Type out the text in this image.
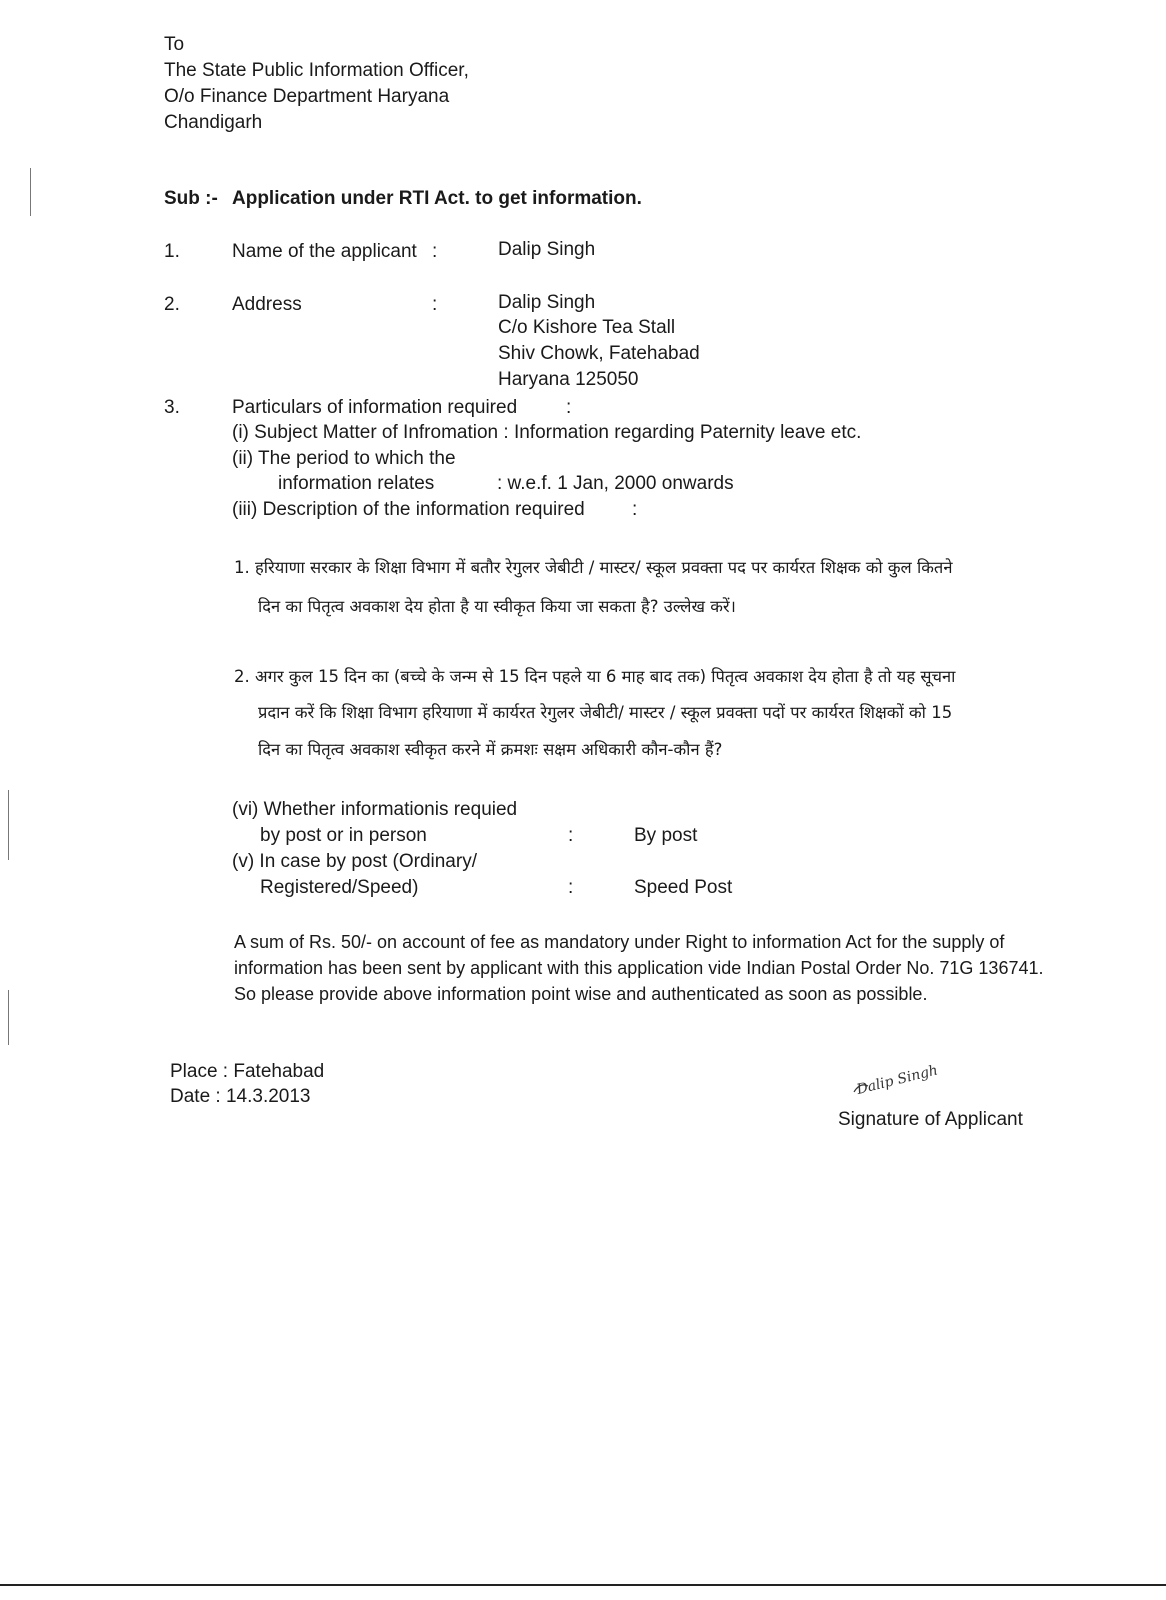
To
The State Public Information Officer,
O/o Finance Department Haryana
Chandigarh
Sub :- Application under RTI Act. to get information.
1.	Name of the applicant :	Dalip Singh
2.	Address	:	Dalip Singh
C/o Kishore Tea Stall
Shiv Chowk, Fatehabad
Haryana 125050
3.	Particulars of information required	:
(i) Subject Matter of Infromation : Information regarding Paternity leave etc.
(ii) The period to which the
information relates	: w.e.f. 1 Jan, 2000 onwards
(iii) Description of the information required :
1. हरियाणा सरकार के शिक्षा विभाग में बतौर रेगुलर जेबीटी / मास्टर/ स्कूल प्रवक्ता पद पर कार्यरत शिक्षक को कुल कितने
दिन का पितृत्व अवकाश देय होता है या स्वीकृत किया जा सकता है? उल्लेख करें।
2. अगर कुल 15 दिन का (बच्चे के जन्म से 15 दिन पहले या 6 माह बाद तक) पितृत्व अवकाश देय होता है तो यह सूचना
प्रदान करें कि शिक्षा विभाग हरियाणा में कार्यरत रेगुलर जेबीटी/ मास्टर / स्कूल प्रवक्ता पदों पर कार्यरत शिक्षकों को 15
दिन का पितृत्व अवकाश स्वीकृत करने में क्रमशः सक्षम अधिकारी कौन-कौन हैं?
(vi) Whether informationis requied
by post or in person	:	By post
(v) In case by post (Ordinary/
Registered/Speed)	:	Speed Post
A sum of Rs. 50/- on account of fee as mandatory under Right to information Act for the supply of
information has been sent by applicant with this application vide Indian Postal Order No. 71G 136741.
So please provide above information point wise and authenticated as soon as possible.
Place : Fatehabad
Date : 14.3.2013	Dalip Singh
Signature of Applicant
